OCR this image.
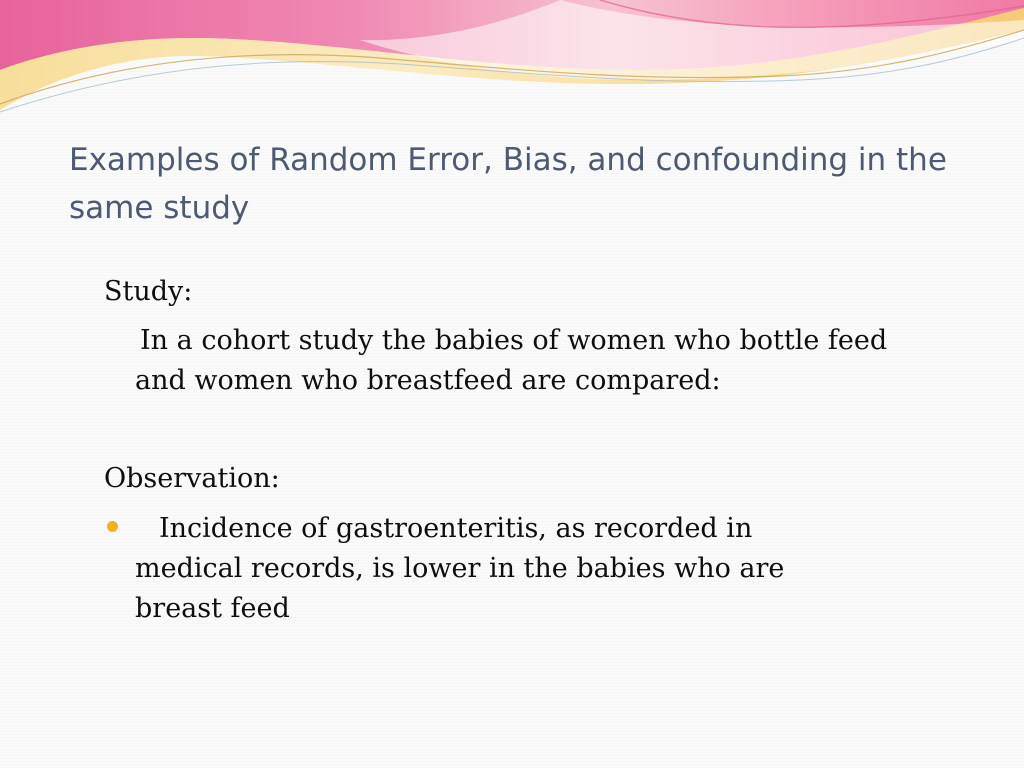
Examples of Random Error, Bias, and confounding in the same study

Study:

In a cohort study the babies of women who bottle feed and women who breastfeed are compared:

Observation:

Incidence of gastroenteritis, as recorded in medical records, is lower in the babies who are breast feed
